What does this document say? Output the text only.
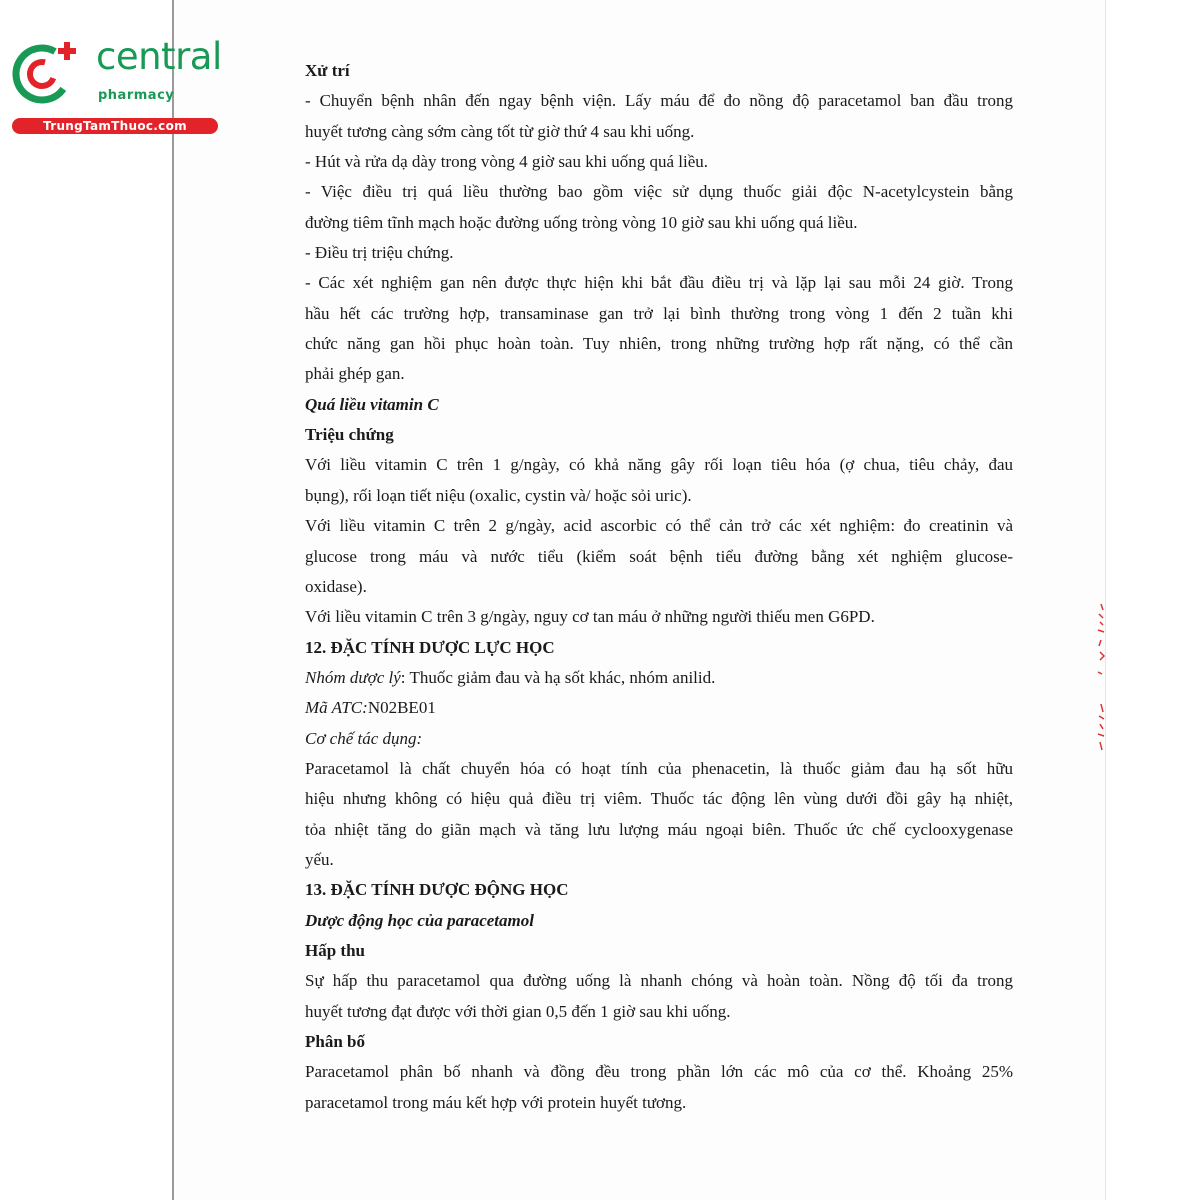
central
pharmacy
TrungTamThuoc.com
Xử trí
- Chuyển bệnh nhân đến ngay bệnh viện. Lấy máu để đo nồng độ paracetamol ban đầu trong
huyết tương càng sớm càng tốt từ giờ thứ 4 sau khi uống.
- Hút và rửa dạ dày trong vòng 4 giờ sau khi uống quá liều.
- Việc điều trị quá liều thường bao gồm việc sử dụng thuốc giải độc N-acetylcystein bằng
đường tiêm tĩnh mạch hoặc đường uống tròng vòng 10 giờ sau khi uống quá liều.
- Điều trị triệu chứng.
- Các xét nghiệm gan nên được thực hiện khi bắt đầu điều trị và lặp lại sau mỗi 24 giờ. Trong
hầu hết các trường hợp, transaminase gan trở lại bình thường trong vòng 1 đến 2 tuần khi
chức năng gan hồi phục hoàn toàn. Tuy nhiên, trong những trường hợp rất nặng, có thể cần
phải ghép gan.
Quá liều vitamin C
Triệu chứng
Với liều vitamin C trên 1 g/ngày, có khả năng gây rối loạn tiêu hóa (ợ chua, tiêu chảy, đau
bụng), rối loạn tiết niệu (oxalic, cystin và/ hoặc sỏi uric).
Với liều vitamin C trên 2 g/ngày, acid ascorbic có thể cản trở các xét nghiệm: đo creatinin và
glucose trong máu và nước tiểu (kiểm soát bệnh tiểu đường bằng xét nghiệm glucose-
oxidase).
Với liều vitamin C trên 3 g/ngày, nguy cơ tan máu ở những người thiếu men G6PD.
12. ĐẶC TÍNH DƯỢC LỰC HỌC
Nhóm dược lý: Thuốc giảm đau và hạ sốt khác, nhóm anilid.
Mã ATC:N02BE01
Cơ chế tác dụng:
Paracetamol là chất chuyển hóa có hoạt tính của phenacetin, là thuốc giảm đau hạ sốt hữu
hiệu nhưng không có hiệu quả điều trị viêm. Thuốc tác động lên vùng dưới đồi gây hạ nhiệt,
tỏa nhiệt tăng do giãn mạch và tăng lưu lượng máu ngoại biên. Thuốc ức chế cyclooxygenase
yếu.
13. ĐẶC TÍNH DƯỢC ĐỘNG HỌC
Dược động học của paracetamol
Hấp thu
Sự hấp thu paracetamol qua đường uống là nhanh chóng và hoàn toàn. Nồng độ tối đa trong
huyết tương đạt được với thời gian 0,5 đến 1 giờ sau khi uống.
Phân bố
Paracetamol phân bố nhanh và đồng đều trong phần lớn các mô của cơ thể. Khoảng 25%
paracetamol trong máu kết hợp với protein huyết tương.
